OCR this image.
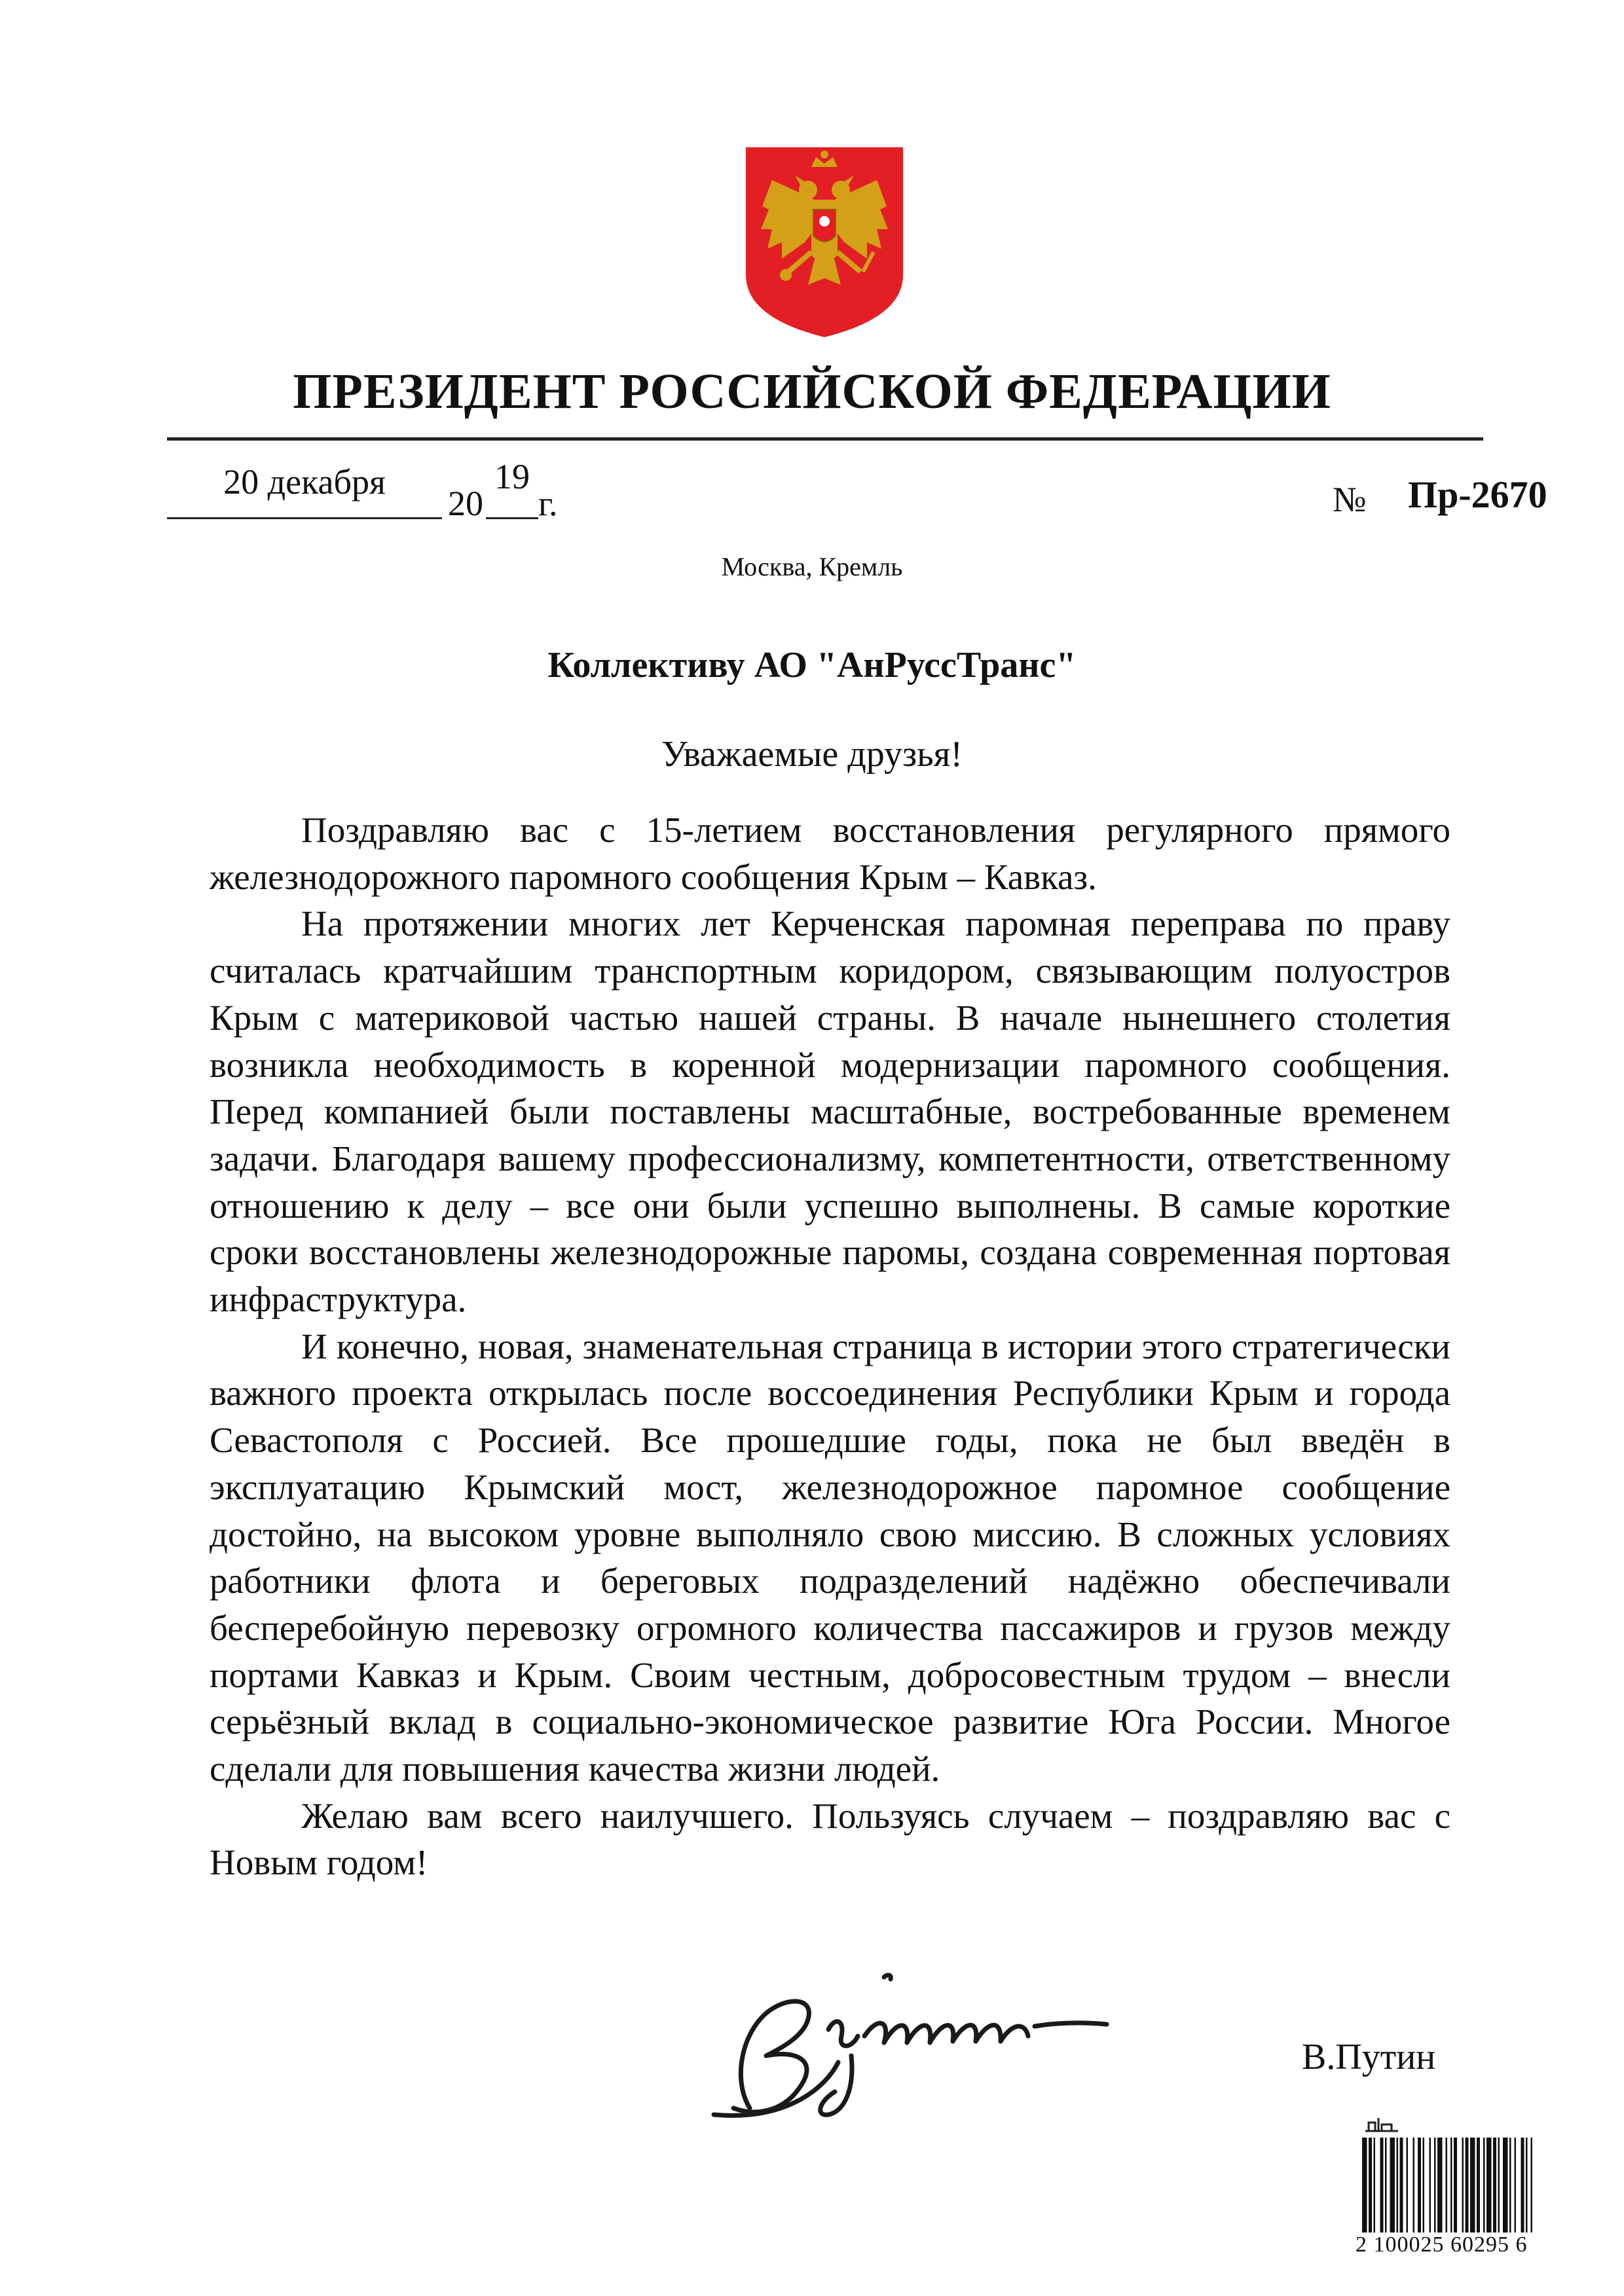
ПРЕЗИДЕНТ РОССИЙСКОЙ ФЕДЕРАЦИИ
20 декабря
20
19
г.	№ Пр-2670
Москва, Кремль
Коллективу АО "АнРуссТранс"
Уважаемые друзья!

Поздравляю вас с 15-летием восстановления регулярного прямого железнодорожного паромного сообщения Крым – Кавказ.

На протяжении многих лет Керченская паромная переправа по праву считалась кратчайшим транспортным коридором, связывающим полуостров Крым с материковой частью нашей страны. В начале нынешнего столетия возникла необходимость в коренной модернизации паромного сообщения. Перед компанией были поставлены масштабные, востребованные временем задачи. Благодаря вашему профессионализму, компетентности, ответственному отношению к делу – все они были успешно выполнены. В самые короткие сроки восстановлены железнодорожные паромы, создана современная портовая инфраструктура.

И конечно, новая, знаменательная страница в истории этого стратегически важного проекта открылась после воссоединения Республики Крым и города Севастополя с Россией. Все прошедшие годы, пока не был введён в эксплуатацию Крымский мост, железнодорожное паромное сообщение достойно, на высоком уровне выполняло свою миссию. В сложных условиях работники флота и береговых подразделений надёжно обеспечивали бесперебойную перевозку огромного количества пассажиров и грузов между портами Кавказ и Крым. Своим честным, добросовестным трудом – внесли серьёзный вклад в социально-экономическое развитие Юга России. Многое сделали для повышения качества жизни людей.

Желаю вам всего наилучшего. Пользуясь случаем – поздравляю вас с Новым годом!

В.Путин
2 100025 60295 6
